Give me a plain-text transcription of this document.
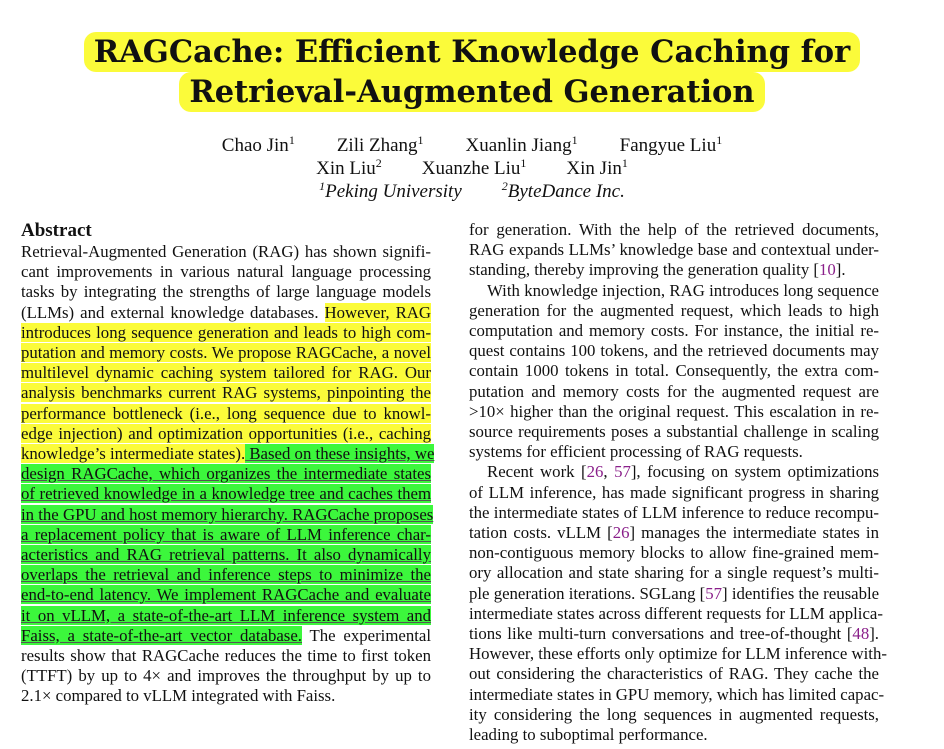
RAGCache: Efficient Knowledge Caching for
Retrieval-Augmented Generation
Chao Jin$^1$ Zili Zhang$^1$ Xuanlin Jiang$^1$ Fangyue Liu$^1$
Xin Liu$^2$ Xuanzhe Liu$^1$ Xin Jin$^1$
$^1$Peking University	$^2$ByteDance Inc.
Abstract
Retrieval-Augmented Generation (RAG) has shown signifi-
cant improvements in various natural language processing
tasks by integrating the strengths of large language models
(LLMs) and external knowledge databases. However, RAG
introduces long sequence generation and leads to high com-
putation and memory costs. We propose RAGCache, a novel
multilevel dynamic caching system tailored for RAG. Our
analysis benchmarks current RAG systems, pinpointing the
performance bottleneck (i.e., long sequence due to knowl-
edge injection) and optimization opportunities (i.e., caching
knowledge’s intermediate states). Based on these insights, we
design RAGCache, which organizes the intermediate states
of retrieved knowledge in a knowledge tree and caches them
in the GPU and host memory hierarchy. RAGCache proposes
a replacement policy that is aware of LLM inference char-
acteristics and RAG retrieval patterns. It also dynamically
overlaps the retrieval and inference steps to minimize the
end-to-end latency. We implement RAGCache and evaluate
it on vLLM, a state-of-the-art LLM inference system and
Faiss, a state-of-the-art vector database. The experimental
results show that RAGCache reduces the time to first token
(TTFT) by up to 4× and improves the throughput by up to
2.1× compared to vLLM integrated with Faiss.
for generation. With the help of the retrieved documents,
RAG expands LLMs’ knowledge base and contextual under-
standing, thereby improving the generation quality [10].
With knowledge injection, RAG introduces long sequence
generation for the augmented request, which leads to high
computation and memory costs. For instance, the initial re-
quest contains 100 tokens, and the retrieved documents may
contain 1000 tokens in total. Consequently, the extra com-
putation and memory costs for the augmented request are
>10× higher than the original request. This escalation in re-
source requirements poses a substantial challenge in scaling
systems for efficient processing of RAG requests.
Recent work [26, 57], focusing on system optimizations
of LLM inference, has made significant progress in sharing
the intermediate states of LLM inference to reduce recompu-
tation costs. vLLM [26] manages the intermediate states in
non-contiguous memory blocks to allow fine-grained mem-
ory allocation and state sharing for a single request’s multi-
ple generation iterations. SGLang [57] identifies the reusable
intermediate states across different requests for LLM applica-
tions like multi-turn conversations and tree-of-thought [48].
However, these efforts only optimize for LLM inference with-
out considering the characteristics of RAG. They cache the
intermediate states in GPU memory, which has limited capac-
ity considering the long sequences in augmented requests,
leading to suboptimal performance.
